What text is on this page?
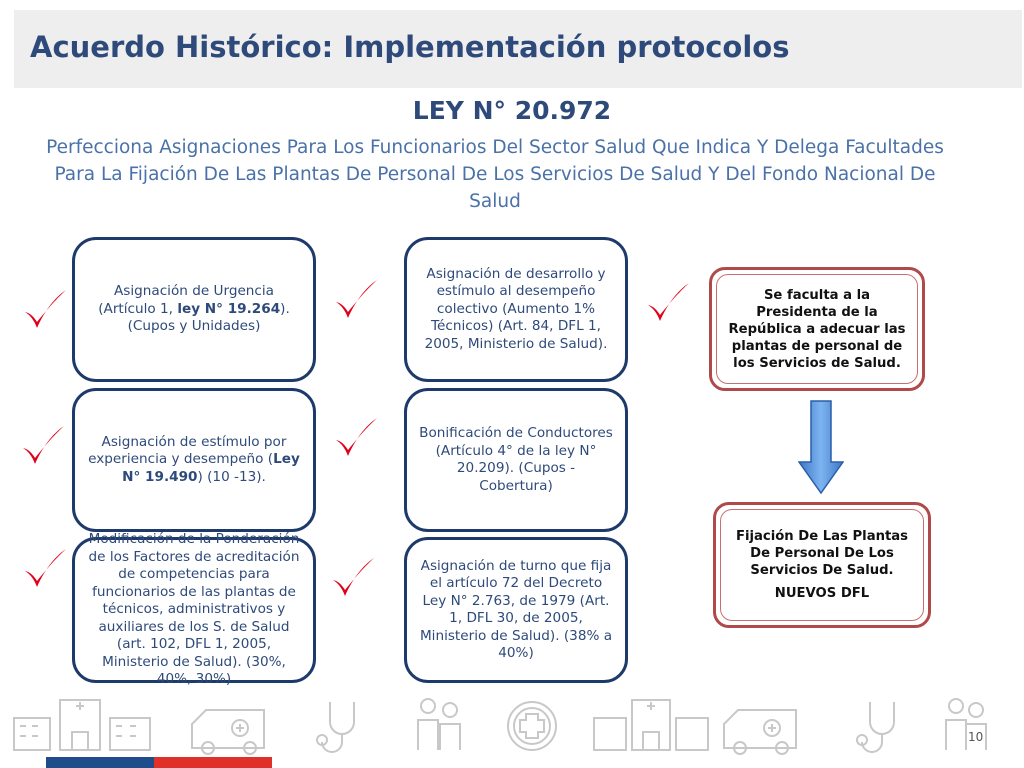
Acuerdo Histórico: Implementación protocolos
LEY N° 20.972
Perfecciona Asignaciones Para Los Funcionarios Del Sector Salud Que Indica Y Delega Facultades Para La Fijación De Las Plantas De Personal De Los Servicios De Salud Y Del Fondo Nacional De Salud
Asignación de Urgencia (Artículo 1, ley N° 19.264). (Cupos y Unidades)
Asignación de estímulo por experiencia y desempeño (Ley N° 19.490) (10 -13).
Modificación de la Ponderación de los Factores de acreditación de competencias para funcionarios de las plantas de técnicos, administrativos y auxiliares de los S. de Salud (art. 102, DFL 1, 2005, Ministerio de Salud). (30%, 40%, 30%)
Asignación de desarrollo y estímulo al desempeño colectivo (Aumento 1% Técnicos) (Art. 84, DFL 1, 2005, Ministerio de Salud).
Bonificación de Conductores (Artículo 4° de la ley N° 20.209). (Cupos - Cobertura)
Asignación de turno que fija el artículo 72 del Decreto Ley N° 2.763, de 1979 (Art. 1, DFL 30, de 2005, Ministerio de Salud). (38% a 40%)
Se faculta a la Presidenta de la República a adecuar las plantas de personal de los Servicios de Salud.
Fijación De Las Plantas De Personal De Los Servicios De Salud.
NUEVOS DFL
10
